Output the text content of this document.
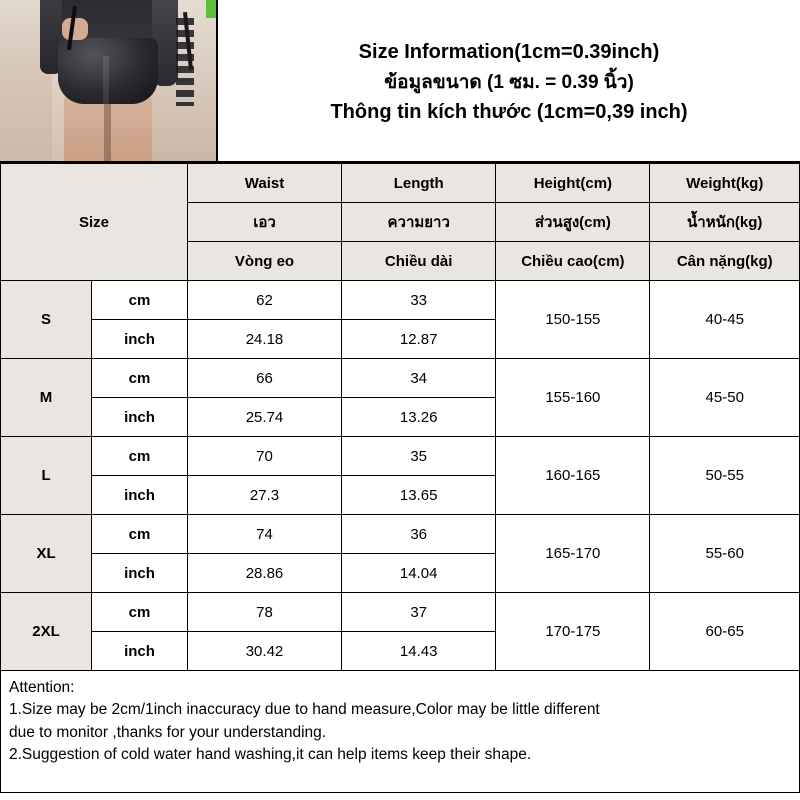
Size Information(1cm=0.39inch)
ข้อมูลขนาด (1 ซม. = 0.39 นิ้ว)
Thông tin kích thước (1cm=0,39 inch)
Size		Waist	Length	Height(cm)	Weight(kg)
		เอว	ความยาว	ส่วนสูง(cm)	น้ำหนัก(kg)
		Vòng eo	Chiều dài	Chiều cao(cm)	Cân nặng(kg)
S	cm	62	33	150-155	40-45
	inch	24.18	12.87		
M	cm	66	34	155-160	45-50
	inch	25.74	13.26		
L	cm	70	35	160-165	50-55
	inch	27.3	13.65		
XL	cm	74	36	165-170	55-60
	inch	28.86	14.04		
2XL	cm	78	37	170-175	60-65
	inch	30.42	14.43		
Attention:
1.Size may be 2cm/1inch inaccuracy due to hand measure,Color may be little different
due to monitor ,thanks for your understanding.
2.Suggestion of cold water hand washing,it can help items keep their shape.
